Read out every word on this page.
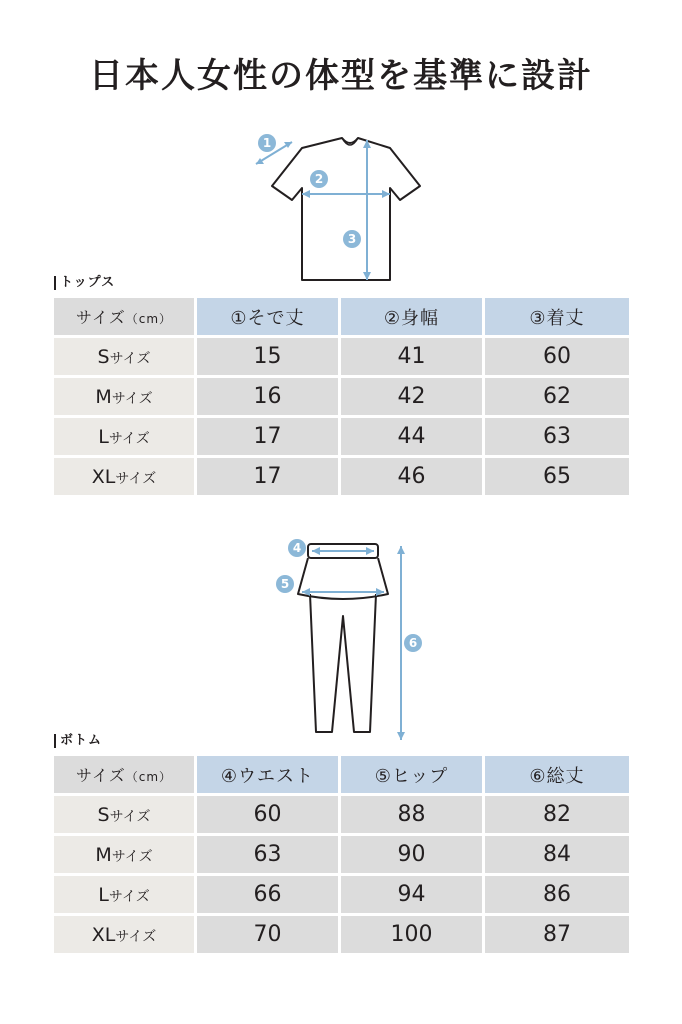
日本人女性の体型を基準に設計
1
2
3
トップス
サイズ（cm）	①そで丈	②身幅	③着丈
Sサイズ	15	41	60
Mサイズ	16	42	62
Lサイズ	17	44	63
XLサイズ	17	46	65
4
5
6
ボトム
サイズ（cm）	④ウエスト	⑤ヒップ	⑥総丈
Sサイズ	60	88	82
Mサイズ	63	90	84
Lサイズ	66	94	86
XLサイズ	70	100	87
